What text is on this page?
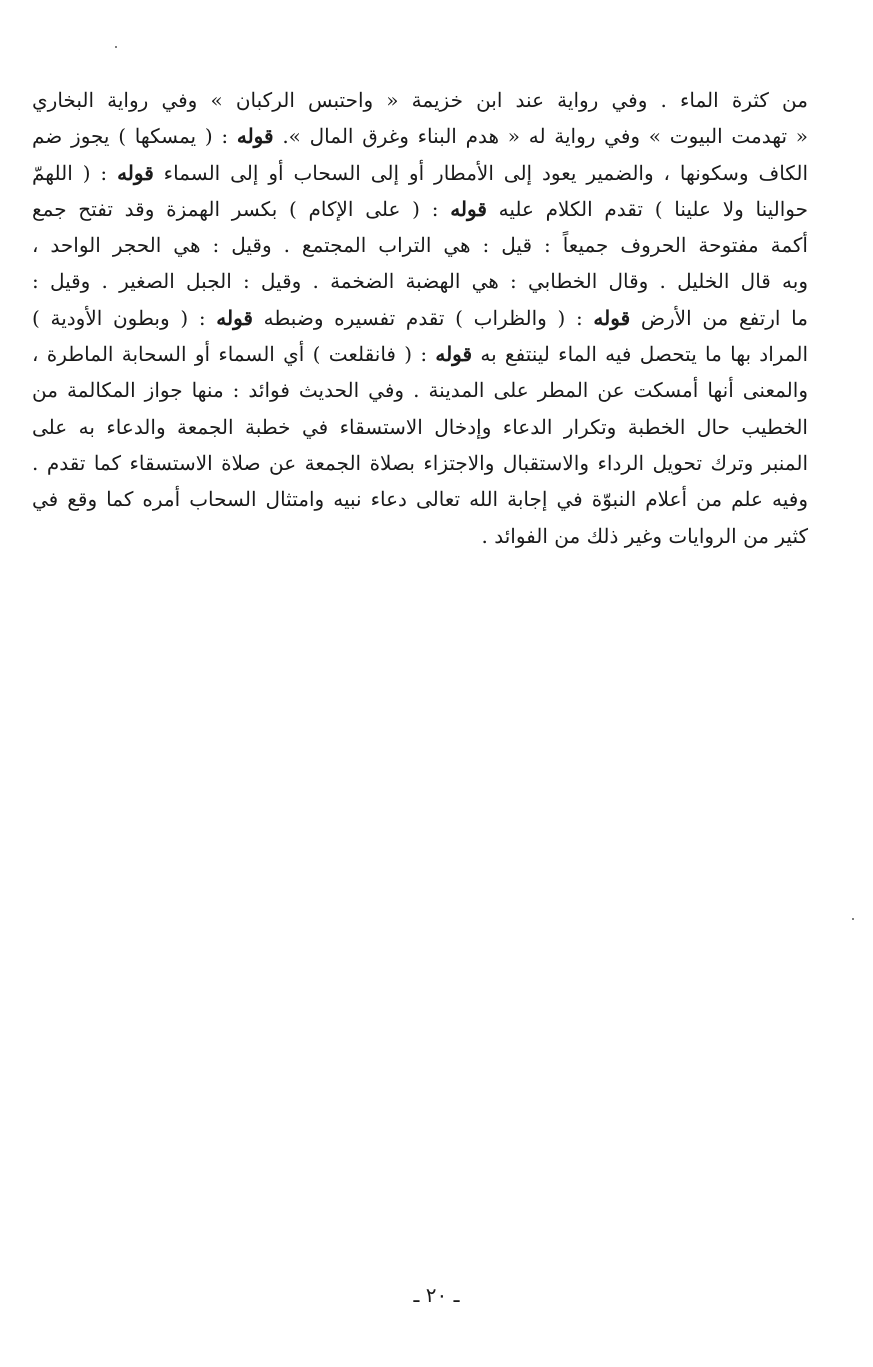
من كثرة الماء . وفي رواية عند ابن خزيمة « واحتبس الركبان » وفي رواية البخاري
« تهدمت البيوت » وفي رواية له « هدم البناء وغرق المال ». قوله : ( يمسكها ) يجوز ضم
الكاف وسكونها ، والضمير يعود إلى الأمطار أو إلى السحاب أو إلى السماء قوله : ( اللهمّ
حوالينا ولا علينا ) تقدم الكلام عليه قوله : ( على الإكام ) بكسر الهمزة وقد تفتح جمع
أكمة مفتوحة الحروف جميعاً : قيل : هي التراب المجتمع . وقيل : هي الحجر الواحد ،
وبه قال الخليل . وقال الخطابي : هي الهضبة الضخمة . وقيل : الجبل الصغير . وقيل :
ما ارتفع من الأرض قوله : ( والظراب ) تقدم تفسيره وضبطه قوله : ( وبطون الأودية )
المراد بها ما يتحصل فيه الماء لينتفع به قوله : ( فانقلعت ) أي السماء أو السحابة الماطرة ،
والمعنى أنها أمسكت عن المطر على المدينة . وفي الحديث فوائد : منها جواز المكالمة من
الخطيب حال الخطبة وتكرار الدعاء وإدخال الاستسقاء في خطبة الجمعة والدعاء به على
المنبر وترك تحويل الرداء والاستقبال والاجتزاء بصلاة الجمعة عن صلاة الاستسقاء كما تقدم .
وفيه علم من أعلام النبوّة في إجابة الله تعالى دعاء نبيه وامتثال السحاب أمره كما وقع في
كثير من الروايات وغير ذلك من الفوائد .
ـ ٢٠ ـ
